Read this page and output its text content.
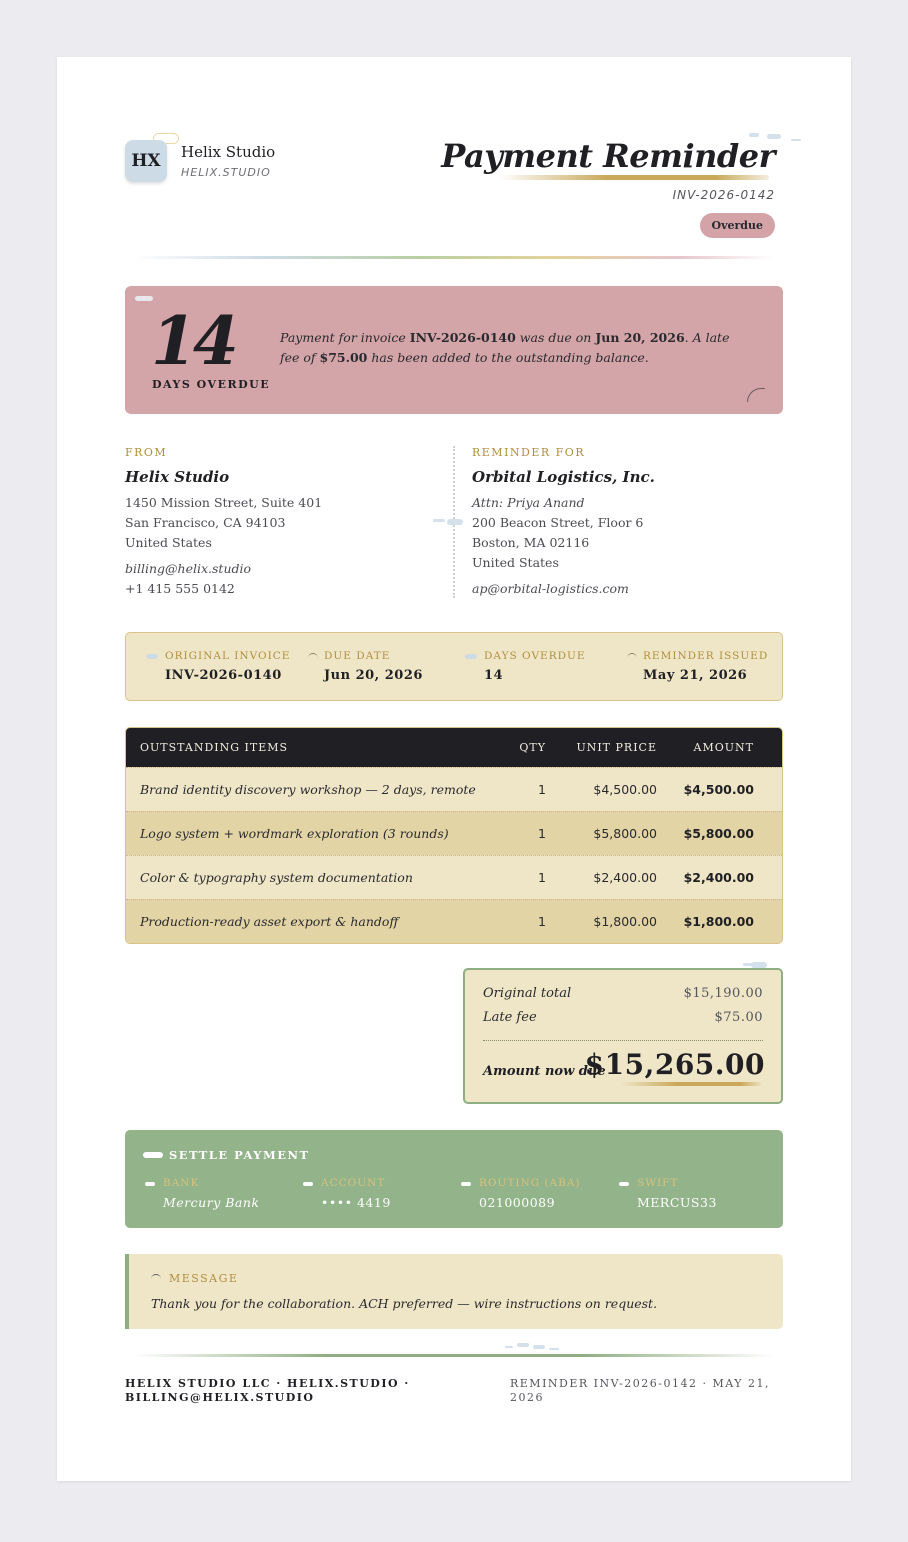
HX Helix Studio
HELIX.STUDIO	Payment Reminder
INV-2026-0142
Overdue
14
DAYS OVERDUE
Payment for invoice INV-2026-0140 was due on Jun 20, 2026. A late fee of $75.00 has been added to the outstanding balance.
FROM
Helix Studio
1450 Mission Street, Suite 401
San Francisco, CA 94103
United States
billing@helix.studio
+1 415 555 0142
REMINDER FOR
Orbital Logistics, Inc.
Attn: Priya Anand
200 Beacon Street, Floor 6
Boston, MA 02116
United States
ap@orbital-logistics.com
ORIGINAL INVOICE
INV-2026-0140
DUE DATE
Jun 20, 2026
DAYS OVERDUE
14
REMINDER ISSUED
May 21, 2026
OUTSTANDING ITEMS	QTY	UNIT PRICE	AMOUNT
Brand identity discovery workshop — 2 days, remote	1	$4,500.00	$4,500.00
Logo system + wordmark exploration (3 rounds)	1	$5,800.00	$5,800.00
Color & typography system documentation	1	$2,400.00	$2,400.00
Production-ready asset export & handoff	1	$1,800.00	$1,800.00
Original total	$15,190.00
Late fee	$75.00
Amount now due
$15,265.00
SETTLE PAYMENT
BANK
Mercury Bank
ACCOUNT
•••• 4419
ROUTING (ABA)
021000089
SWIFT
MERCUS33
MESSAGE
Thank you for the collaboration. ACH preferred — wire instructions on request.
HELIX STUDIO LLC · HELIX.STUDIO · BILLING@HELIX.STUDIO
REMINDER INV-2026-0142 · MAY 21, 2026
